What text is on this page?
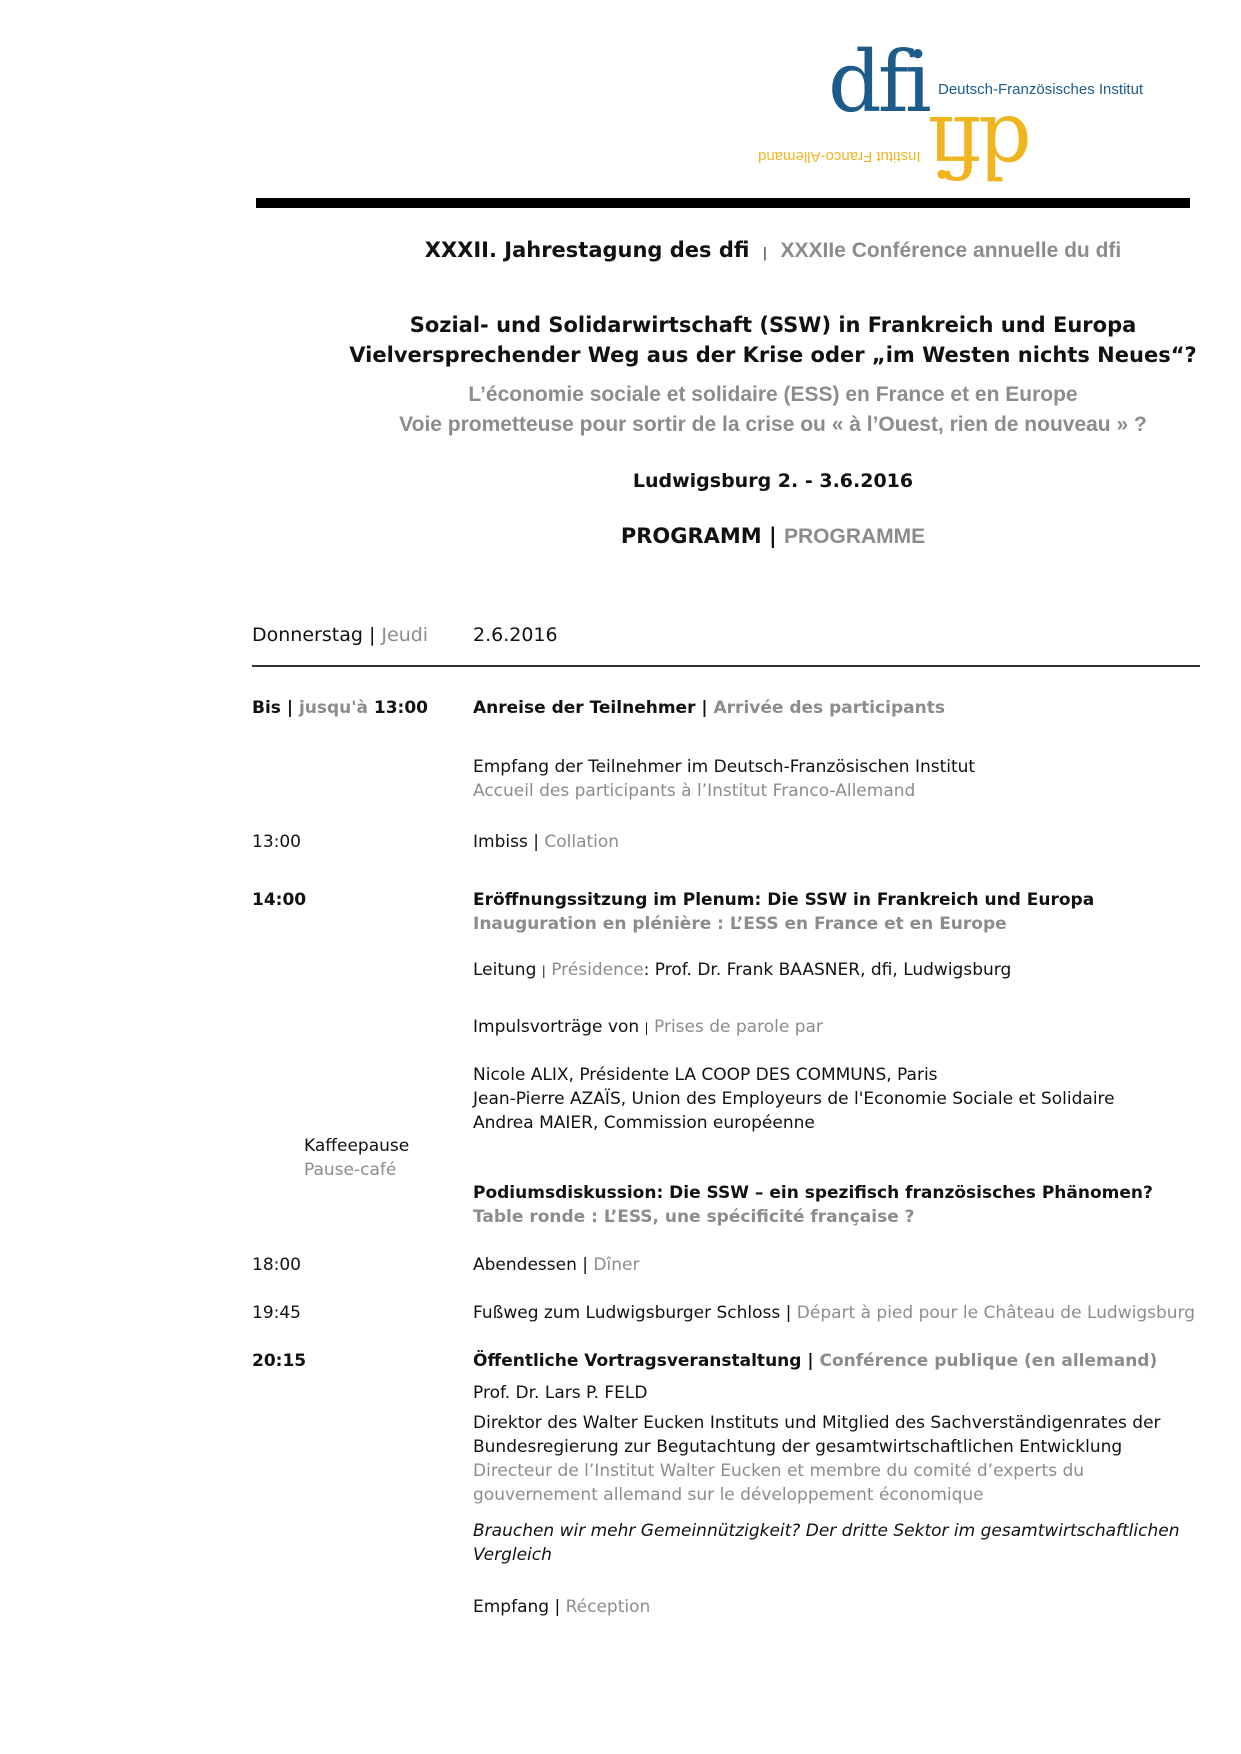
dfi Deutsch-Französisches Institut
dfi
Institut Franco-Allemand
XXXII. Jahrestagung des dfi | XXXIIe Conférence annuelle du dfi
Sozial- und Solidarwirtschaft (SSW) in Frankreich und Europa
Vielversprechender Weg aus der Krise oder „im Westen nichts Neues“?
L’économie sociale et solidaire (ESS) en France et en Europe
Voie prometteuse pour sortir de la crise ou « à l’Ouest, rien de nouveau » ?
Ludwigsburg 2. - 3.6.2016
PROGRAMM | PROGRAMME
Donnerstag | Jeudi 2.6.2016
Bis | jusqu'à 13:00	Anreise der Teilnehmer | Arrivée des participants
Empfang der Teilnehmer im Deutsch-Französischen Institut
Accueil des participants à l’Institut Franco-Allemand
13:00	Imbiss | Collation
14:00	Eröffnungssitzung im Plenum: Die SSW in Frankreich und Europa
Inauguration en plénière : L’ESS en France et en Europe
Leitung | Présidence: Prof. Dr. Frank BAASNER, dfi, Ludwigsburg
Impulsvorträge von | Prises de parole par
Nicole ALIX, Présidente LA COOP DES COMMUNS, Paris
Jean-Pierre AZAÏS, Union des Employeurs de l'Economie Sociale et Solidaire
Andrea MAIER, Commission européenne
Kaffeepause
Pause-café
Podiumsdiskussion: Die SSW – ein spezifisch französisches Phänomen?
Table ronde : L’ESS, une spécificité française ?
18:00	Abendessen | Dîner
19:45	Fußweg zum Ludwigsburger Schloss | Départ à pied pour le Château de Ludwigsburg
20:15	Öffentliche Vortragsveranstaltung | Conférence publique (en allemand)
Prof. Dr. Lars P. FELD
Direktor des Walter Eucken Instituts und Mitglied des Sachverständigenrates der
Bundesregierung zur Begutachtung der gesamtwirtschaftlichen Entwicklung
Directeur de l’Institut Walter Eucken et membre du comité d’experts du
gouvernement allemand sur le développement économique
Brauchen wir mehr Gemeinnützigkeit? Der dritte Sektor im gesamtwirtschaftlichen
Vergleich
Empfang | Réception
